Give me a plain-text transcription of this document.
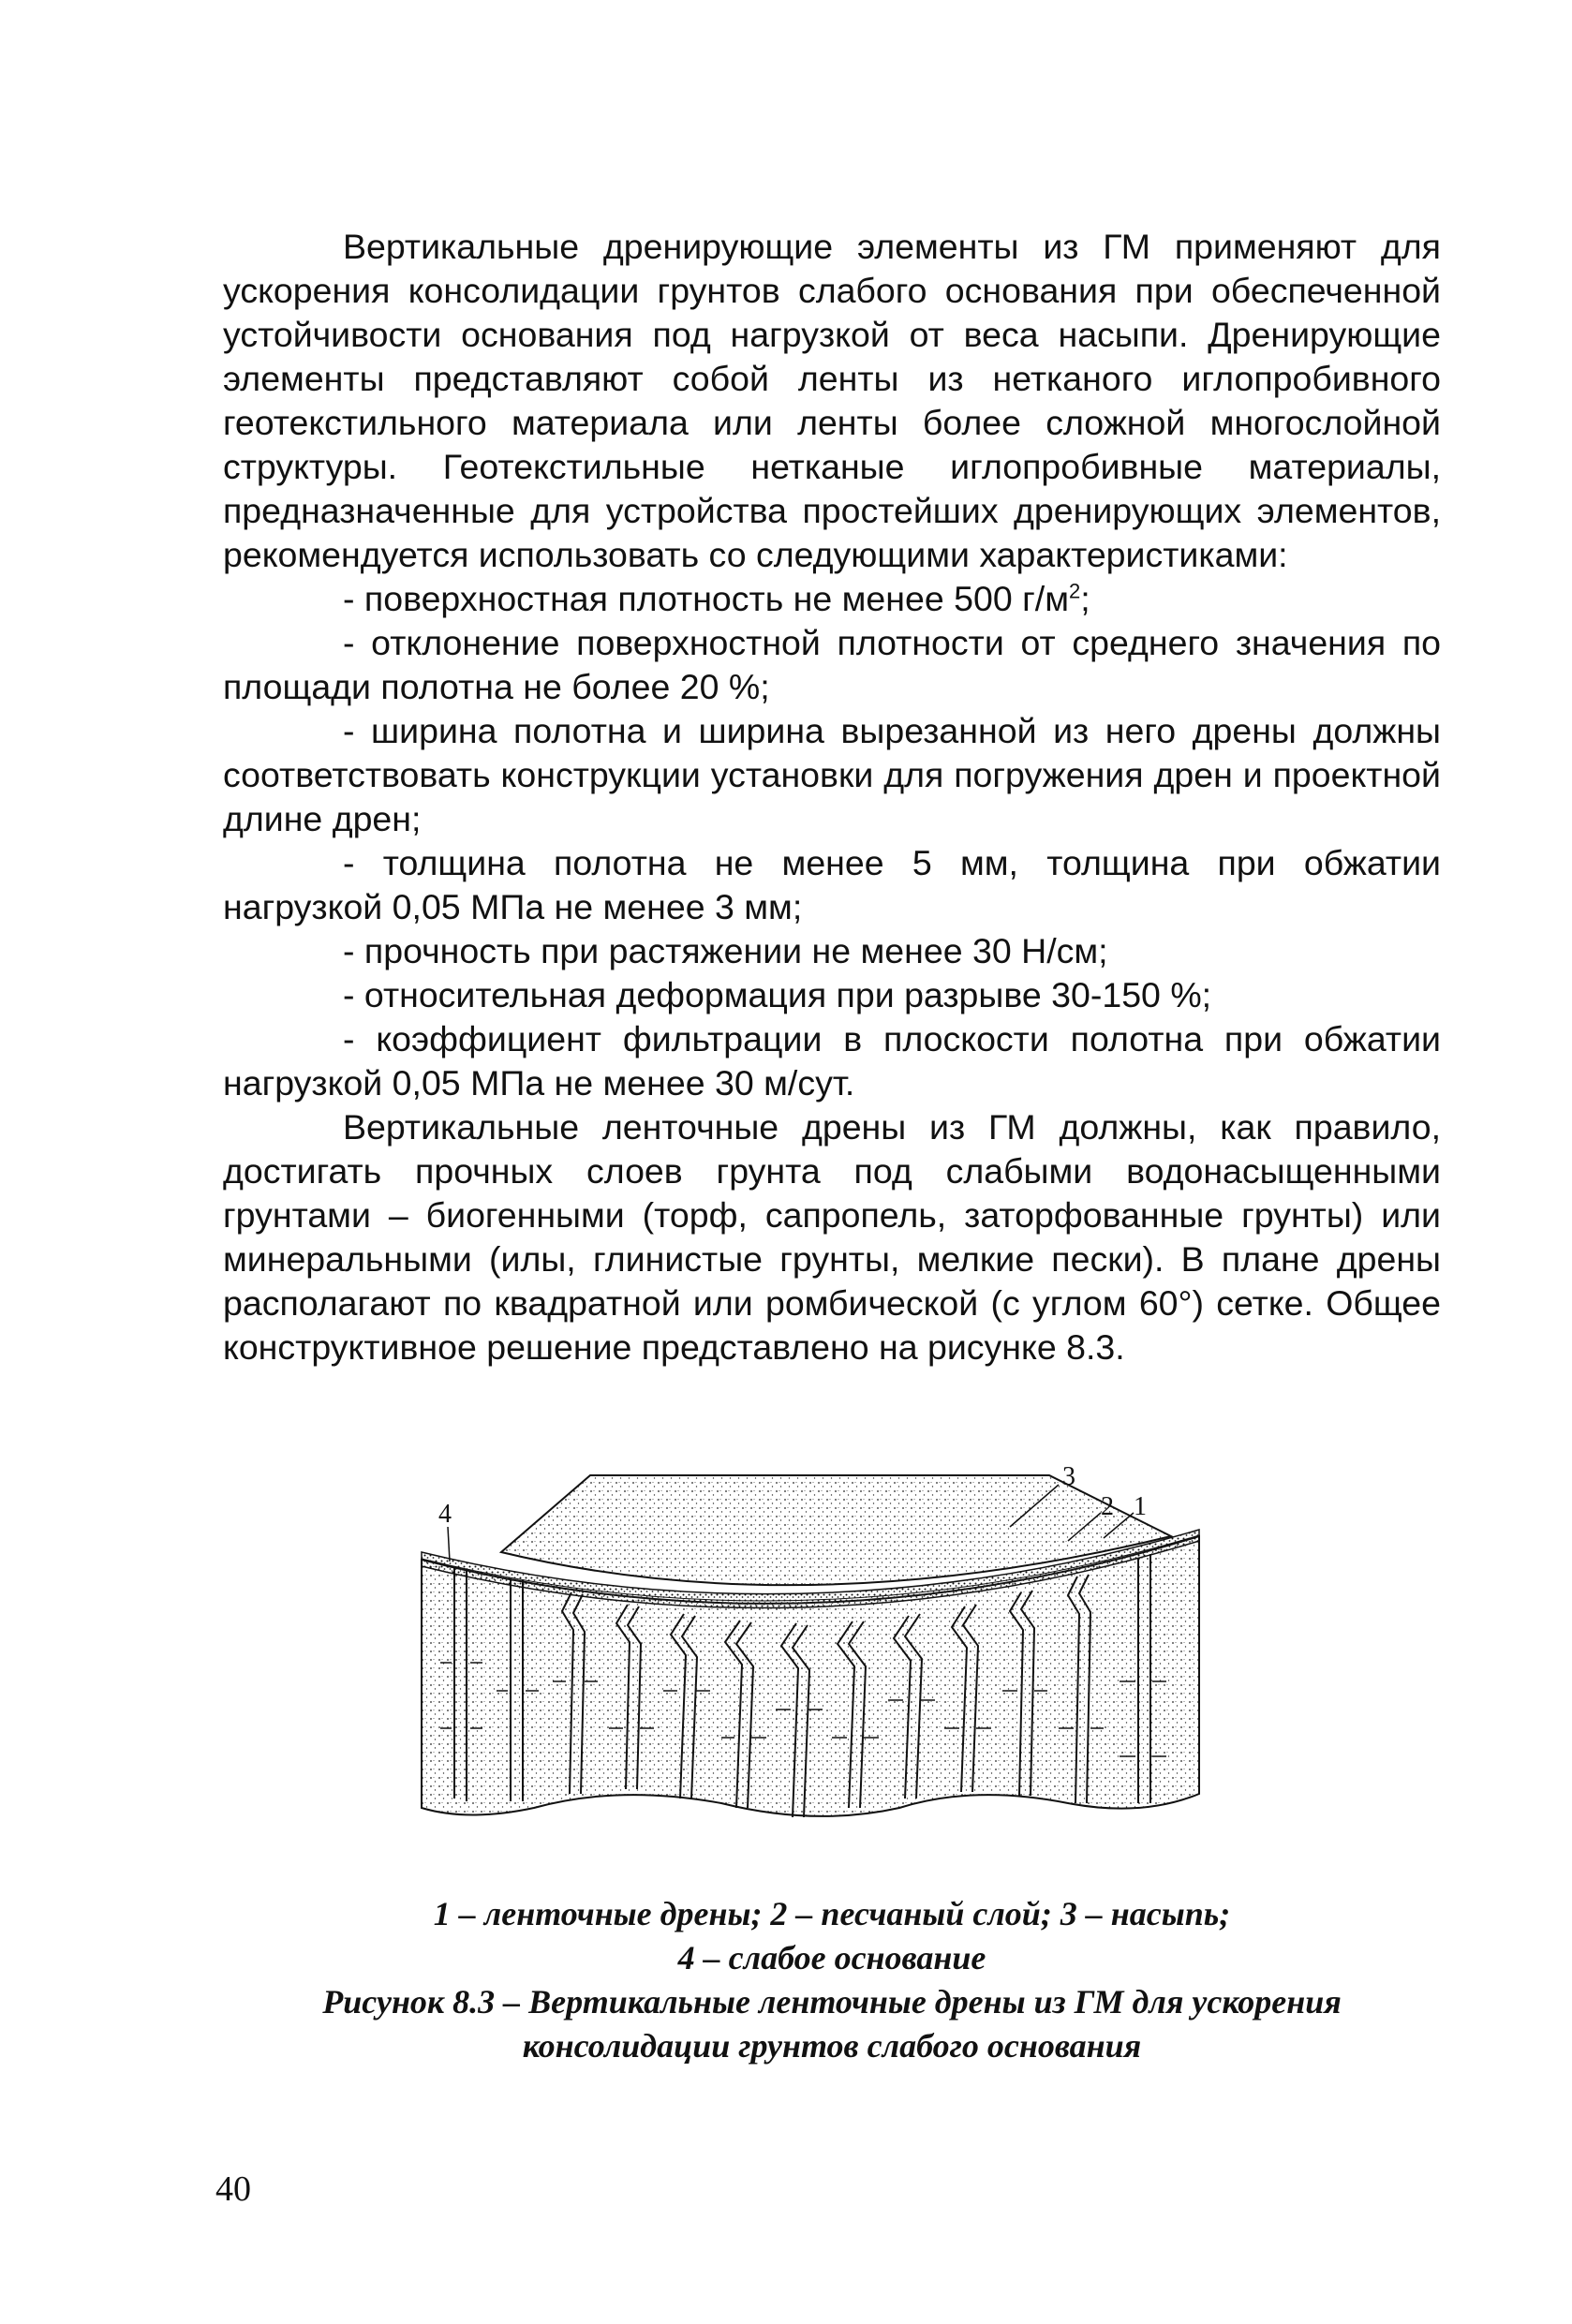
Вертикальные дренирующие элементы из ГМ применяют для ускорения консолидации грунтов слабого основания при обеспеченной устойчивости основания под нагрузкой от веса насыпи. Дренирующие элементы представляют собой ленты из нетканого иглопробивного геотекстильного материала или ленты более сложной многослойной структуры. Геотекстильные нетканые иглопробивные материалы, предназначенные для устройства простейших дренирующих элементов, рекомендуется использовать со следующими характеристиками:

- поверхностная плотность не менее 500 $г/м^2$;

- отклонение поверхностной плотности от среднего значения по площади полотна не более 20 %;

- ширина полотна и ширина вырезанной из него дрены должны соответствовать конструкции установки для погружения дрен и проектной длине дрен;

- толщина полотна не менее 5 мм, толщина при обжатии нагрузкой 0,05 МПа не менее 3 мм;

- прочность при растяжении не менее 30 Н/см;

- относительная деформация при разрыве 30-150 %;

- коэффициент фильтрации в плоскости полотна при обжатии нагрузкой 0,05 МПа не менее 30 м/сут.

Вертикальные ленточные дрены из ГМ должны, как правило, достигать прочных слоев грунта под слабыми водонасыщенными грунтами – биогенными (торф, сапропель, заторфованные грунты) или минеральными (илы, глинистые грунты, мелкие пески). В плане дрены располагают по квадратной или ромбической (с углом 60°) сетке. Общее конструктивное решение представлено на рисунке 8.3.

3
2 1
4
1 – ленточные дрены; 2 – песчаный слой; 3 – насыпь;
4 – слабое основание
Рисунок 8.3 – Вертикальные ленточные дрены из ГМ для ускорения
консолидации грунтов слабого основания
40
